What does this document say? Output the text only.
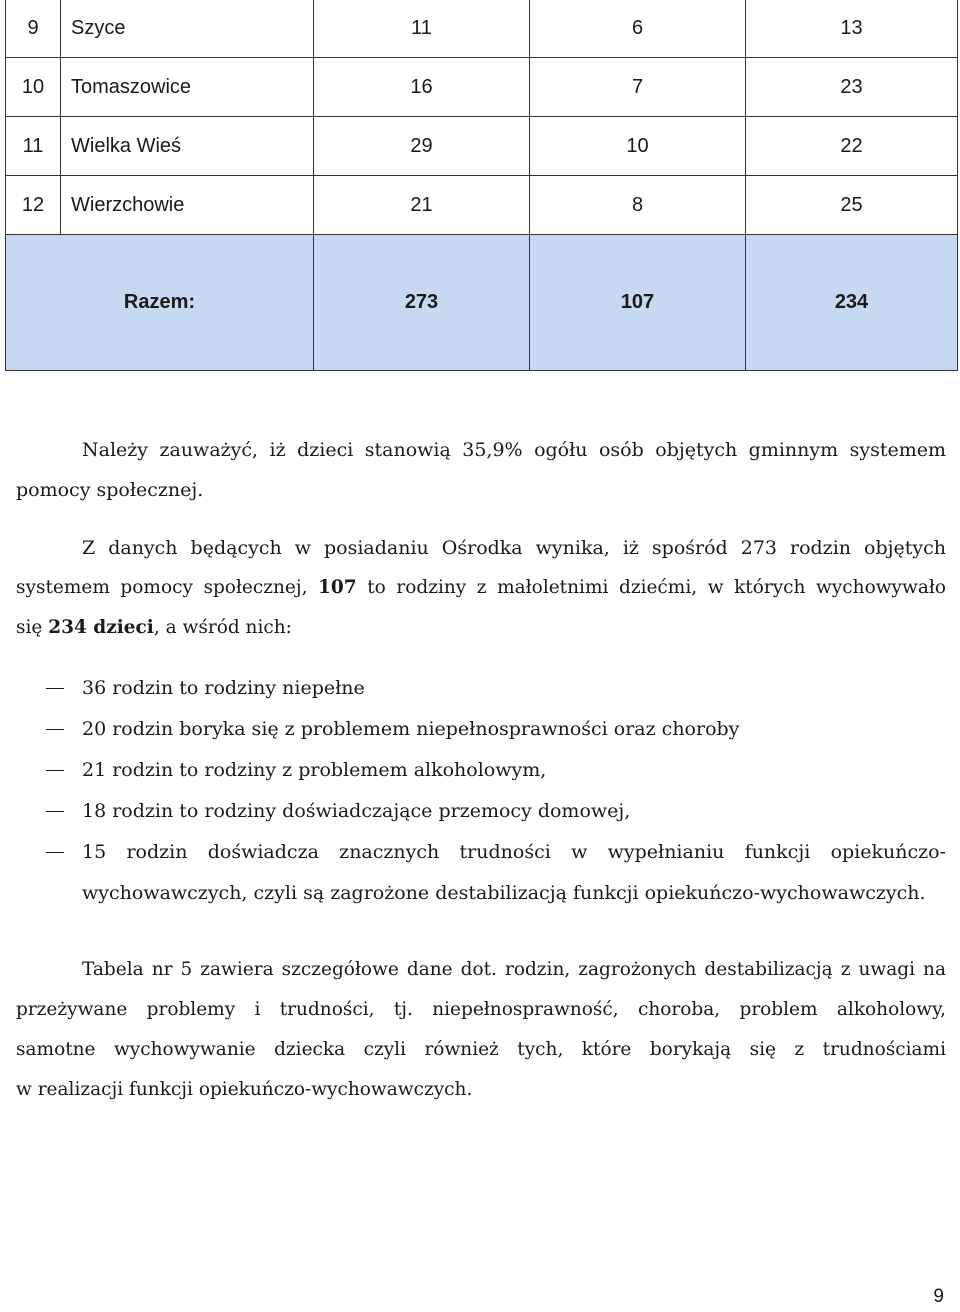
9	Szyce	11	6	13
10	Tomaszowice	16	7	23
11	Wielka Wieś	29	10	22
12	Wierzchowie	21	8	25
Razem:		273	107	234
Należy zauważyć, iż dzieci stanowią 35,9% ogółu osób objętych gminnym systemem
pomocy społecznej.
Z danych będących w posiadaniu Ośrodka wynika, iż spośród 273 rodzin objętych
systemem pomocy społecznej, 107 to rodziny z małoletnimi dziećmi, w których wychowywało
się 234 dzieci, a wśród nich:
36 rodzin to rodziny niepełne
20 rodzin boryka się z problemem niepełnosprawności oraz choroby
21 rodzin to rodziny z problemem alkoholowym,
18 rodzin to rodziny doświadczające przemocy domowej,
15 rodzin doświadcza znacznych trudności w wypełnianiu funkcji opiekuńczo-
wychowawczych, czyli są zagrożone destabilizacją funkcji opiekuńczo-wychowawczych.
Tabela nr 5 zawiera szczegółowe dane dot. rodzin, zagrożonych destabilizacją z uwagi na
przeżywane problemy i trudności, tj. niepełnosprawność, choroba, problem alkoholowy,
samotne wychowywanie dziecka czyli również tych, które borykają się z trudnościami
w realizacji funkcji opiekuńczo-wychowawczych.
9
